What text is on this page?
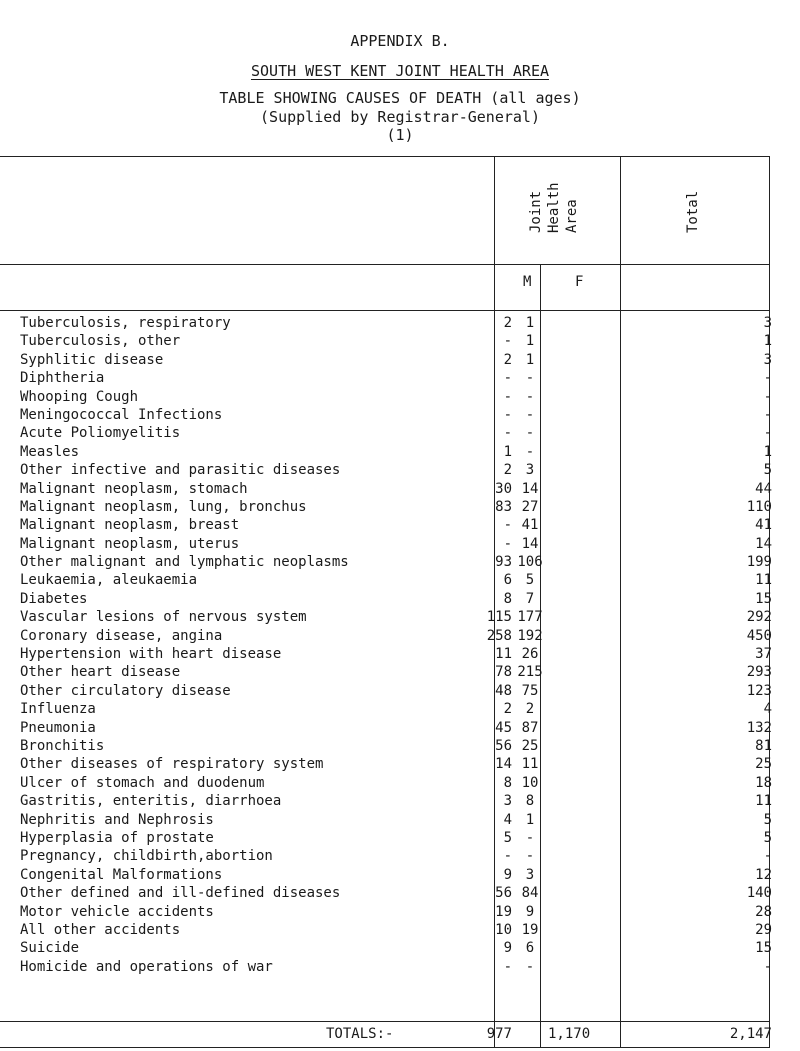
APPENDIX B.
SOUTH WEST KENT JOINT HEALTH AREA
TABLE SHOWING CAUSES OF DEATH (all ages)
(Supplied by Registrar-General)
(1)
Joint Health Area	Total
M	F
Tuberculosis, respiratory	2 1	3
Tuberculosis, other	- 1	1
Syphlitic disease	2 1	3
Diphtheria	- -	-
Whooping Cough	- -	-
Meningococcal Infections	- -	-
Acute Poliomyelitis	- -	-
Measles	1 -	1
Other infective and parasitic diseases	2 3	5
Malignant neoplasm, stomach	30 14	44
Malignant neoplasm, lung, bronchus	83 27	110
Malignant neoplasm, breast	- 41	41
Malignant neoplasm, uterus	- 14	14
Other malignant and lymphatic neoplasms	93 106	199
Leukaemia, aleukaemia	6 5	11
Diabetes	8 7	15
Vascular lesions of nervous system	115 177	292
Coronary disease, angina	258 192	450
Hypertension with heart disease	11 26	37
Other heart disease	78 215	293
Other circulatory disease	48 75	123
Influenza	2 2	4
Pneumonia	45 87	132
Bronchitis	56 25	81
Other diseases of respiratory system	14 11	25
Ulcer of stomach and duodenum	8 10	18
Gastritis, enteritis, diarrhoea	3 8	11
Nephritis and Nephrosis	4 1	5
Hyperplasia of prostate	5 -	5
Pregnancy, childbirth,abortion	- -	-
Congenital Malformations	9 3	12
Other defined and ill-defined diseases	56 84	140
Motor vehicle accidents	19 9	28
All other accidents	10 19	29
Suicide	9 6	15
Homicide and operations of war	- -	-
TOTALS:-	977	1,170	2,147
